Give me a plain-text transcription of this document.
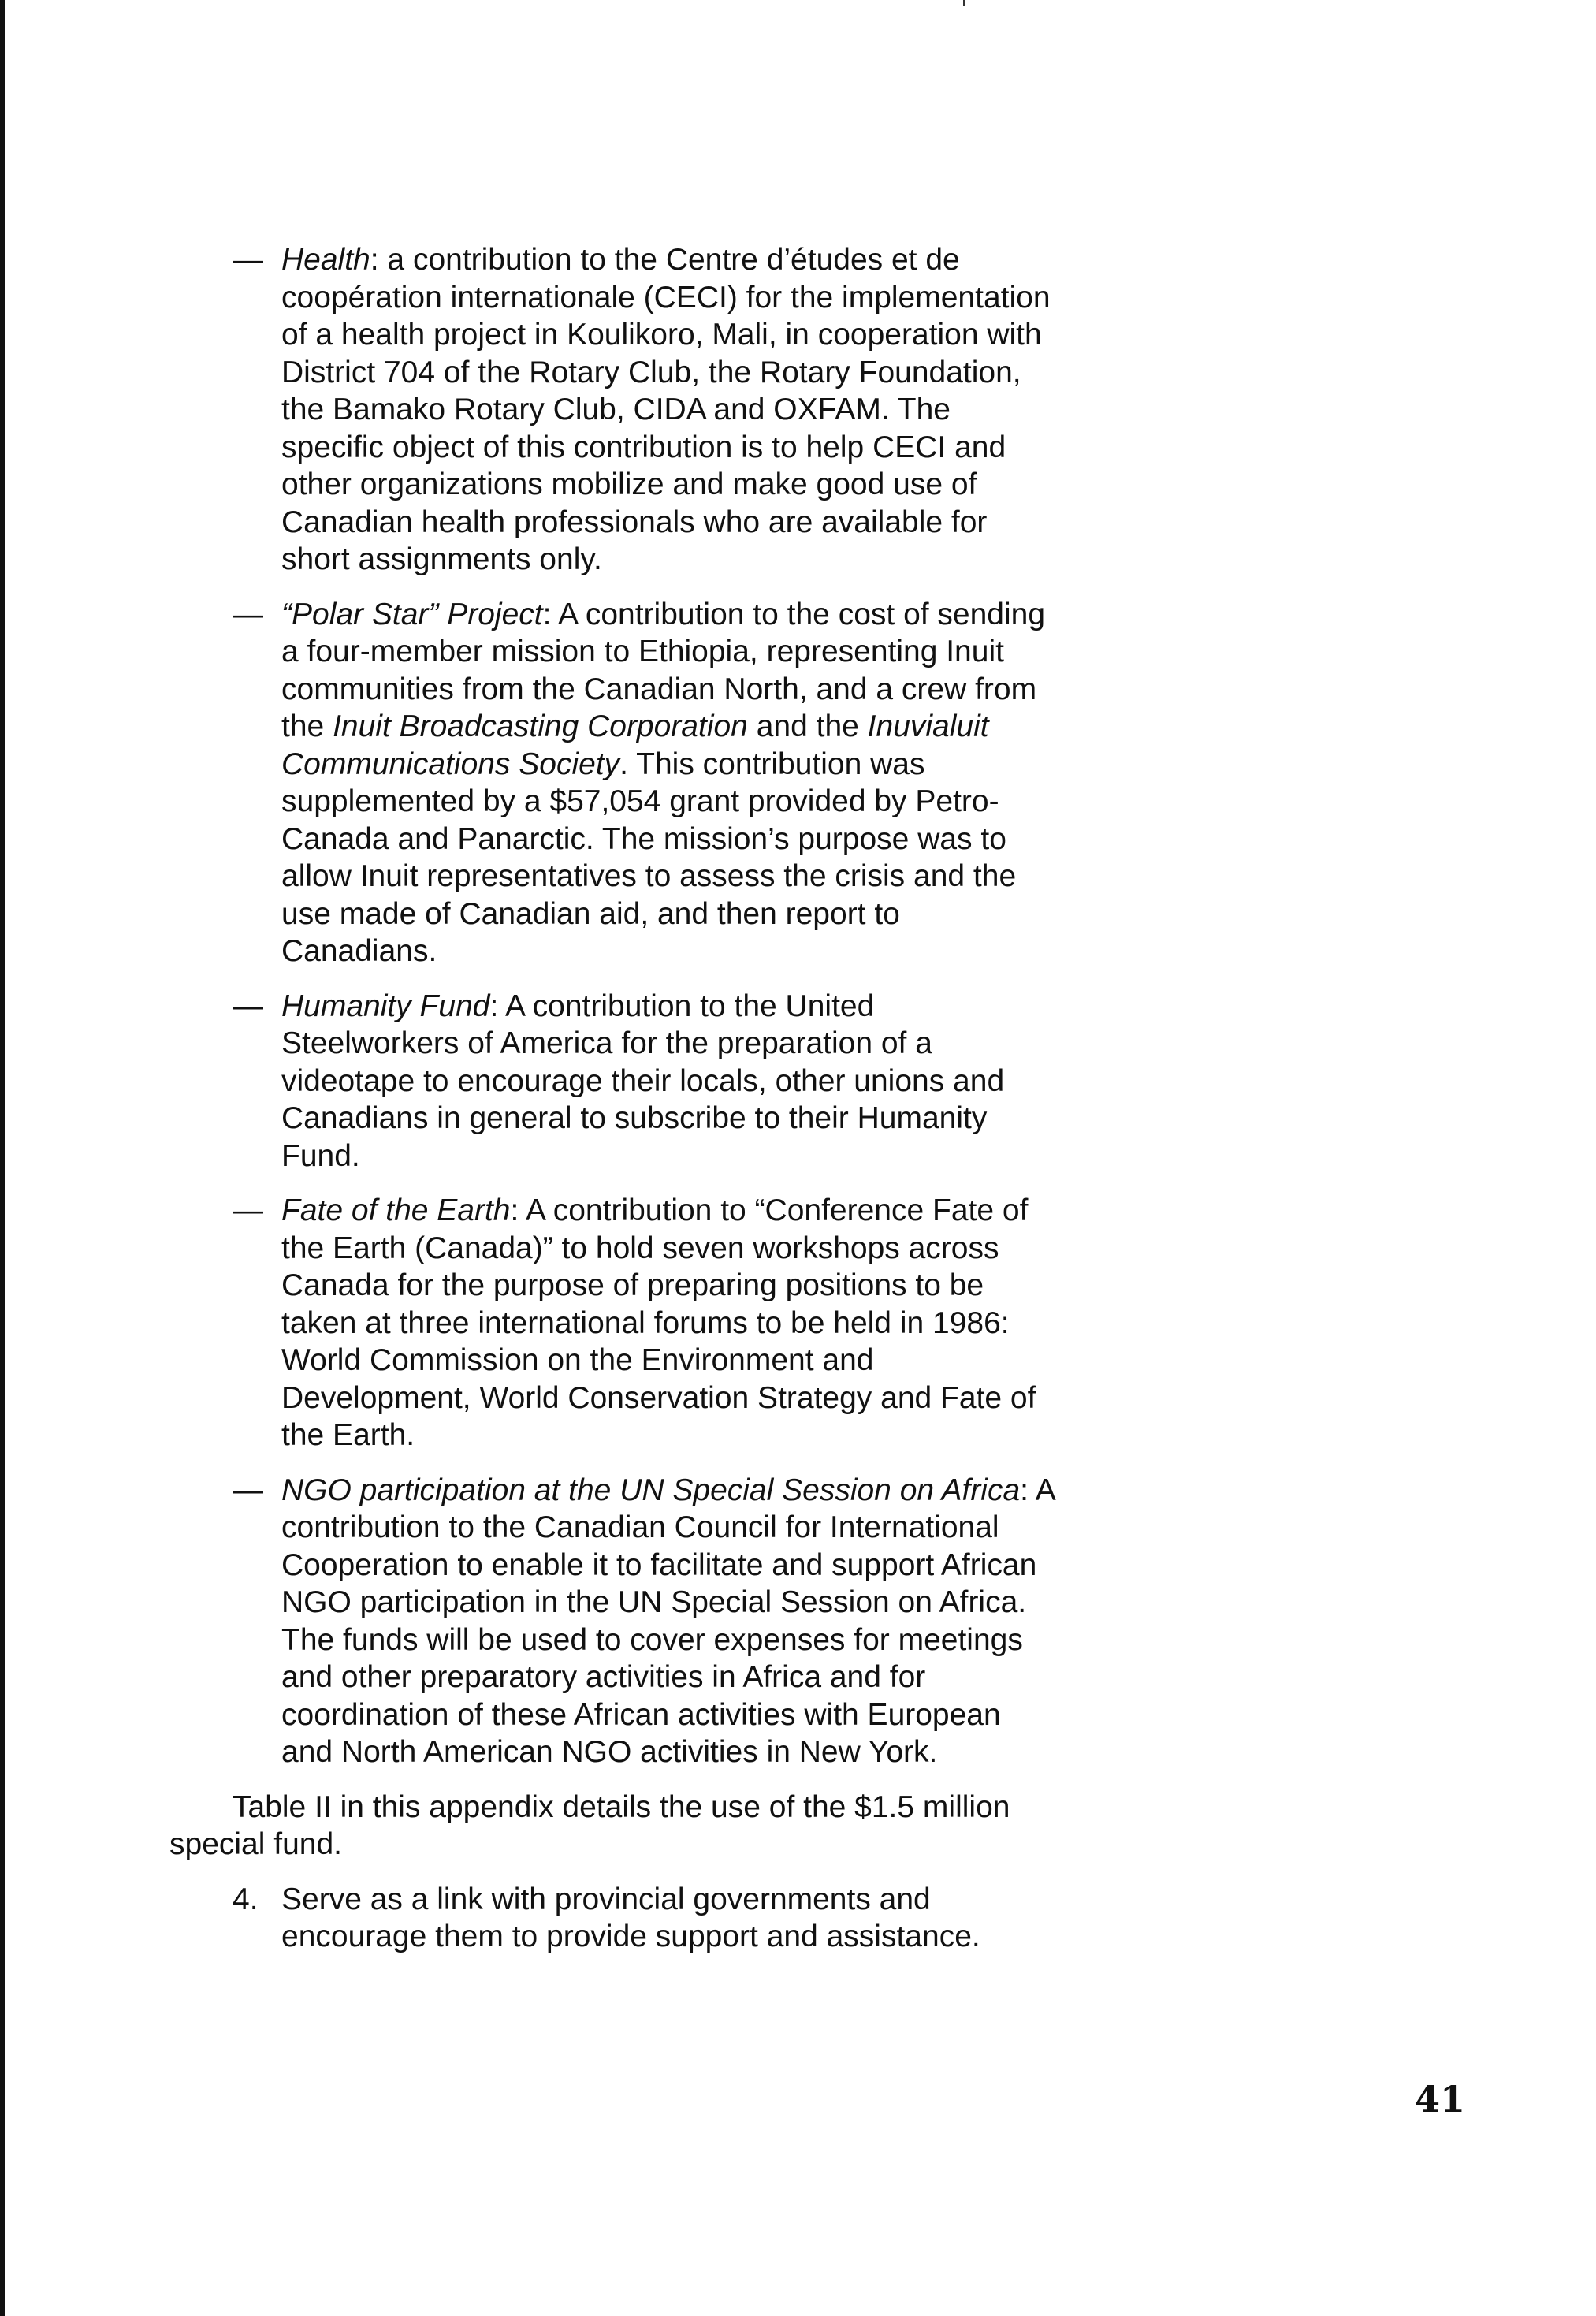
— Health: a contribution to the Centre d’études et de coopération internationale (CECI) for the implementation of a health project in Koulikoro, Mali, in cooperation with District 704 of the Rotary Club, the Rotary Foundation, the Bamako Rotary Club, CIDA and OXFAM. The specific object of this contribution is to help CECI and other organizations mobilize and make good use of Canadian health professionals who are available for short assignments only.

— “Polar Star” Project: A contribution to the cost of sending a four-member mission to Ethiopia, representing Inuit communities from the Canadian North, and a crew from the Inuit Broadcasting Corporation and the Inuvialuit Communications Society. This contribution was supplemented by a $57,054 grant provided by Petro-Canada and Panarctic. The mission’s purpose was to allow Inuit representatives to assess the crisis and the use made of Canadian aid, and then report to Canadians.

— Humanity Fund: A contribution to the United Steelworkers of America for the preparation of a videotape to encourage their locals, other unions and Canadians in general to subscribe to their Humanity Fund.

— Fate of the Earth: A contribution to “Conference Fate of the Earth (Canada)” to hold seven workshops across Canada for the purpose of preparing positions to be taken at three international forums to be held in 1986: World Commission on the Environment and Development, World Conservation Strategy and Fate of the Earth.

— NGO participation at the UN Special Session on Africa: A contribution to the Canadian Council for International Cooperation to enable it to facilitate and support African NGO participation in the UN Special Session on Africa. The funds will be used to cover expenses for meetings and other preparatory activities in Africa and for coordination of these African activities with European and North American NGO activities in New York.

Table II in this appendix details the use of the $1.5 million special fund.

4. Serve as a link with provincial governments and encourage them to provide support and assistance.
41
